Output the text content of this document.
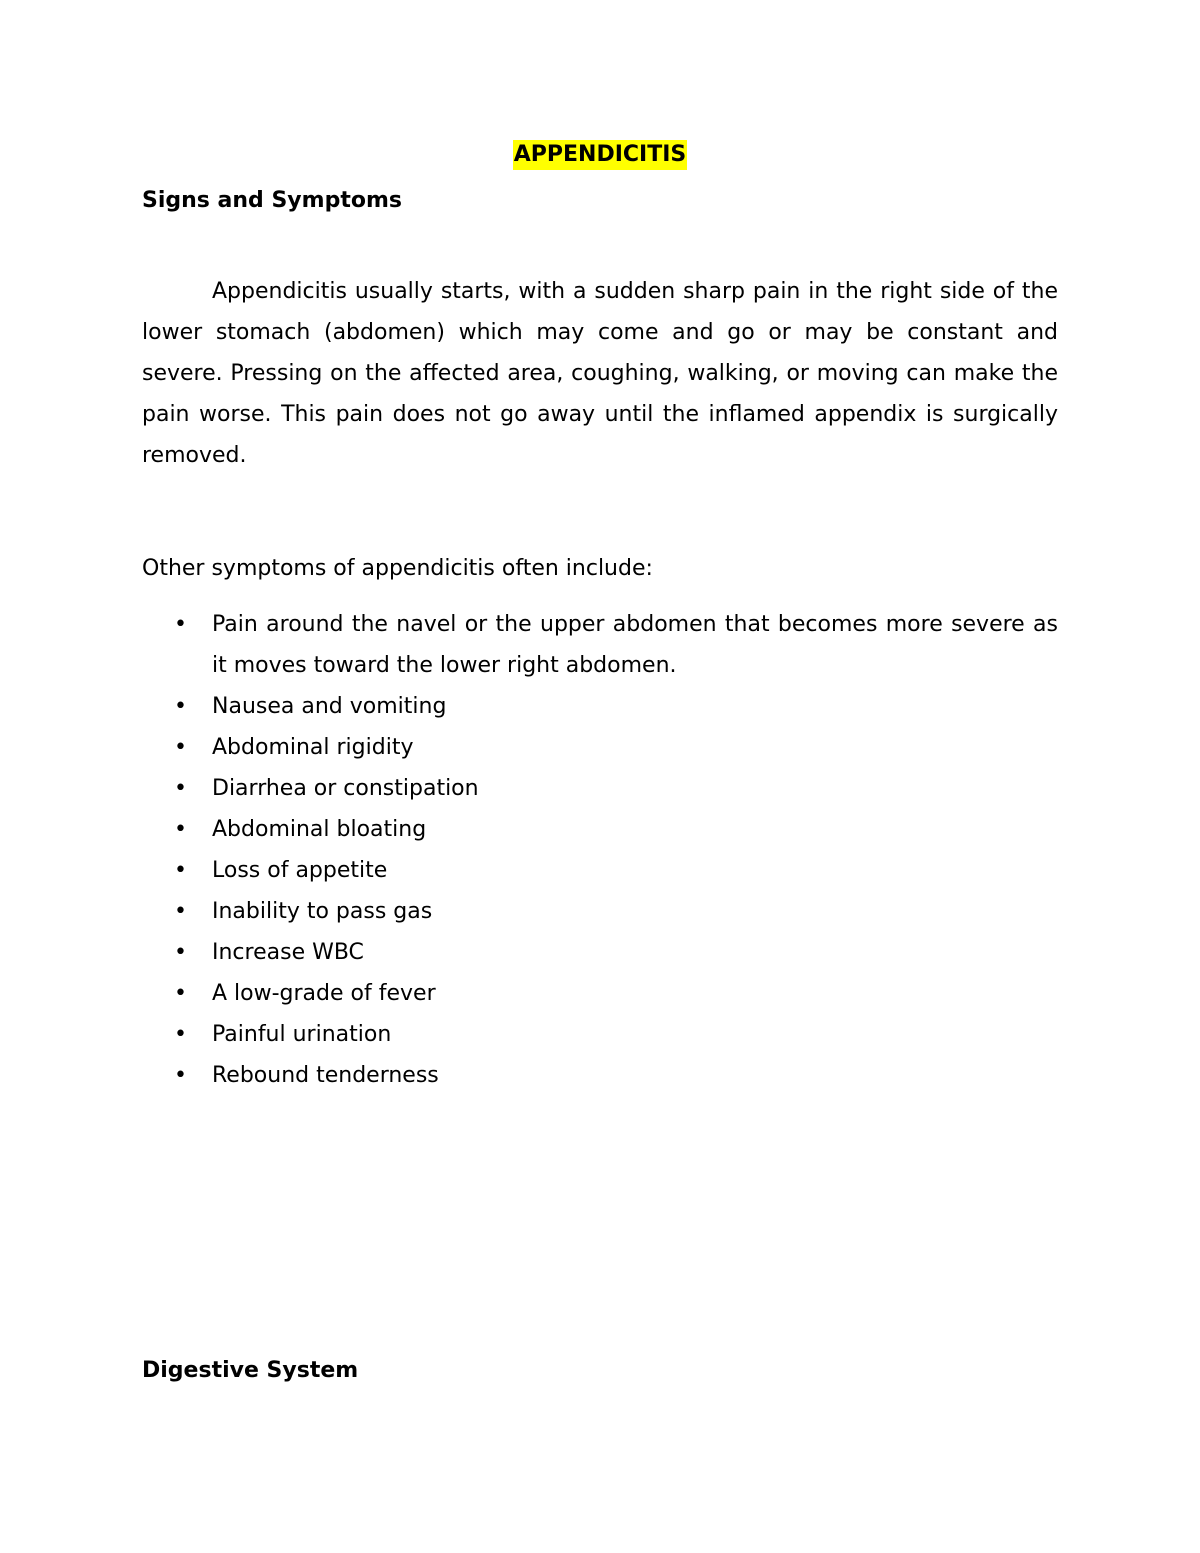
APPENDICITIS
Signs and Symptoms

Appendicitis usually starts, with a sudden sharp pain in the right side of the lower stomach (abdomen) which may come and go or may be constant and severe. Pressing on the affected area, coughing, walking, or moving can make the pain worse. This pain does not go away until the inflamed appendix is surgically removed.

Other symptoms of appendicitis often include:

• Pain around the navel or the upper abdomen that becomes more severe as it moves toward the lower right abdomen.
• Nausea and vomiting
• Abdominal rigidity
• Diarrhea or constipation
• Abdominal bloating
• Loss of appetite
• Inability to pass gas
• Increase WBC
• A low-grade of fever
• Painful urination
• Rebound tenderness
Digestive System
